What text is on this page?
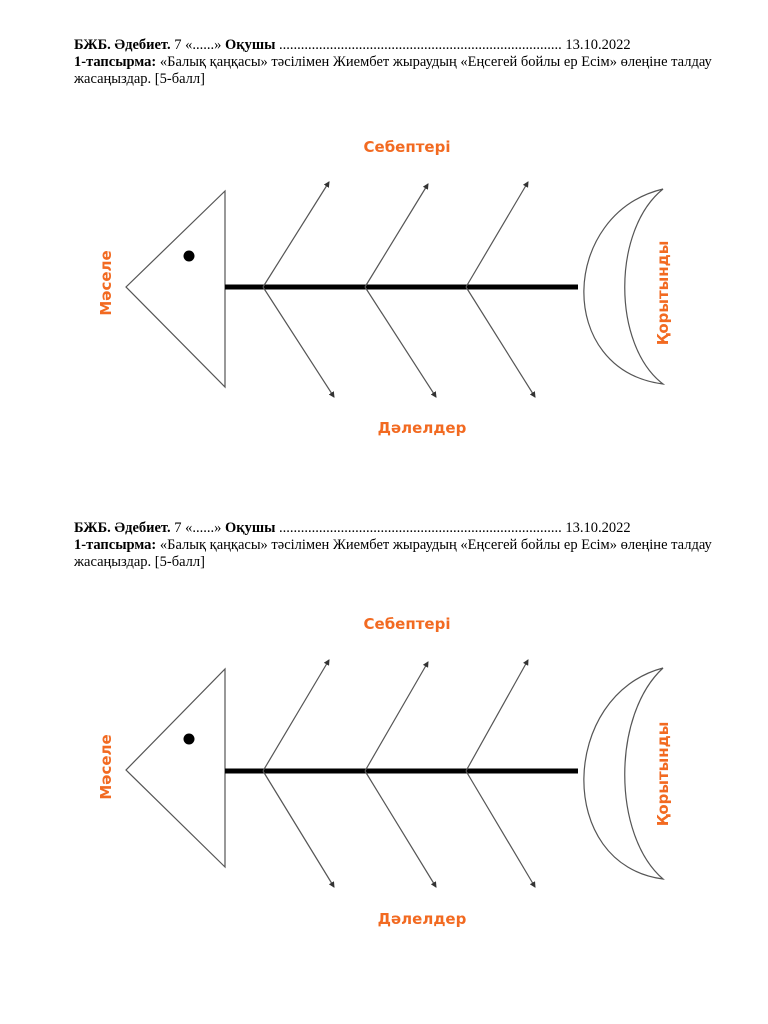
БЖБ. Әдебиет. 7 «......» Оқушы .............................................................................. 13.10.2022
1-тапсырма: «Балық қаңқасы» тәсілімен Жиембет жыраудың «Еңсегей бойлы ер Есім» өлеңіне талдау жасаңыздар. [5-балл]
Себептері
Дәлелдер
Мәселе	Қорытынды
БЖБ. Әдебиет. 7 «......» Оқушы .............................................................................. 13.10.2022
1-тапсырма: «Балық қаңқасы» тәсілімен Жиембет жыраудың «Еңсегей бойлы ер Есім» өлеңіне талдау жасаңыздар. [5-балл]
Себептері
Дәлелдер
Мәселе	Қорытынды
